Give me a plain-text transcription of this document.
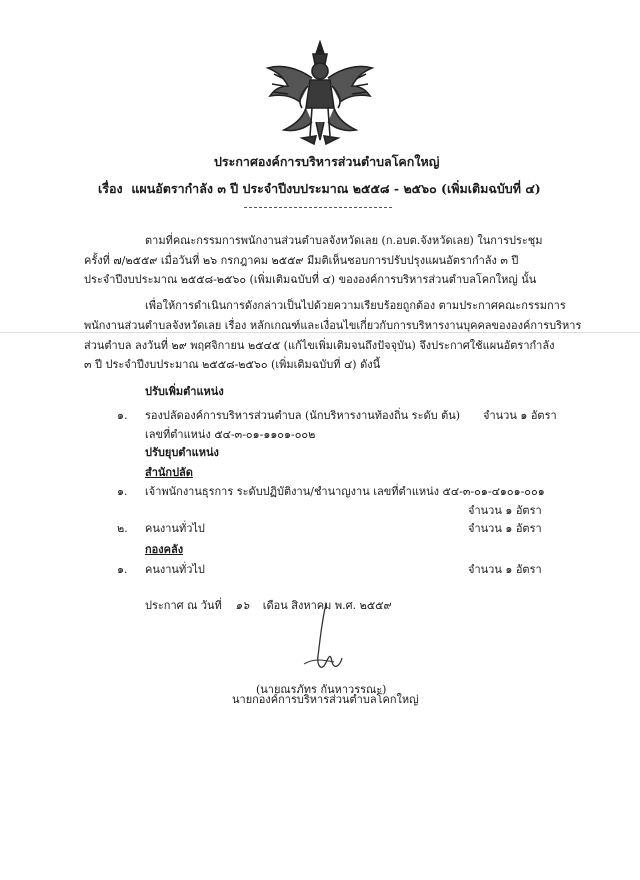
ประกาศองค์การบริหารส่วนตำบลโคกใหญ่
เรื่อง แผนอัตรากำลัง ๓ ปี ประจำปีงบประมาณ ๒๕๕๘ - ๒๕๖๐ (เพิ่มเติมฉบับที่ ๔)
ตามที่คณะกรรมการพนักงานส่วนตำบลจังหวัดเลย (ก.อบต.จังหวัดเลย) ในการประชุม
ครั้งที่ ๗/๒๕๕๙ เมื่อวันที่ ๒๖ กรกฎาคม ๒๕๕๙ มีมติเห็นชอบการปรับปรุงแผนอัตรากำลัง ๓ ปี
ประจำปีงบประมาณ ๒๕๕๘-๒๕๖๐ (เพิ่มเติมฉบับที่ ๔) ขององค์การบริหารส่วนตำบลโคกใหญ่ นั้น
เพื่อให้การดำเนินการดังกล่าวเป็นไปด้วยความเรียบร้อยถูกต้อง ตามประกาศคณะกรรมการ
พนักงานส่วนตำบลจังหวัดเลย เรื่อง หลักเกณฑ์และเงื่อนไขเกี่ยวกับการบริหารงานบุคคลขององค์การบริหาร
ส่วนตำบล ลงวันที่ ๒๙ พฤศจิกายน ๒๕๔๕ (แก้ไขเพิ่มเติมจนถึงปัจจุบัน) จึงประกาศใช้แผนอัตรากำลัง
๓ ปี ประจำปีงบประมาณ ๒๕๕๘-๒๕๖๐ (เพิ่มเติมฉบับที่ ๔) ดังนี้
ปรับเพิ่มตำแหน่ง
๑. รองปลัดองค์การบริหารส่วนตำบล (นักบริหารงานท้องถิ่น ระดับ ต้น) จำนวน ๑ อัตรา
เลขที่ตำแหน่ง ๕๔-๓-๐๑-๑๑๐๑-๐๐๒
ปรับยุบตำแหน่ง
สำนักปลัด
๑. เจ้าพนักงานธุรการ ระดับปฏิบัติงาน/ชำนาญงาน เลขที่ตำแหน่ง ๕๔-๓-๐๑-๔๑๐๑-๐๐๑
จำนวน ๑ อัตรา
๒. คนงานทั่วไป	จำนวน ๑ อัตรา
กองคลัง
๑. คนงานทั่วไป	จำนวน ๑ อัตรา
ประกาศ ณ วันที่ ๑๖ เดือน สิงหาคม พ.ศ. ๒๕๕๙
(นายณรภัทร กันหาวรรณะ)
นายกองค์การบริหารส่วนตำบลโคกใหญ่
